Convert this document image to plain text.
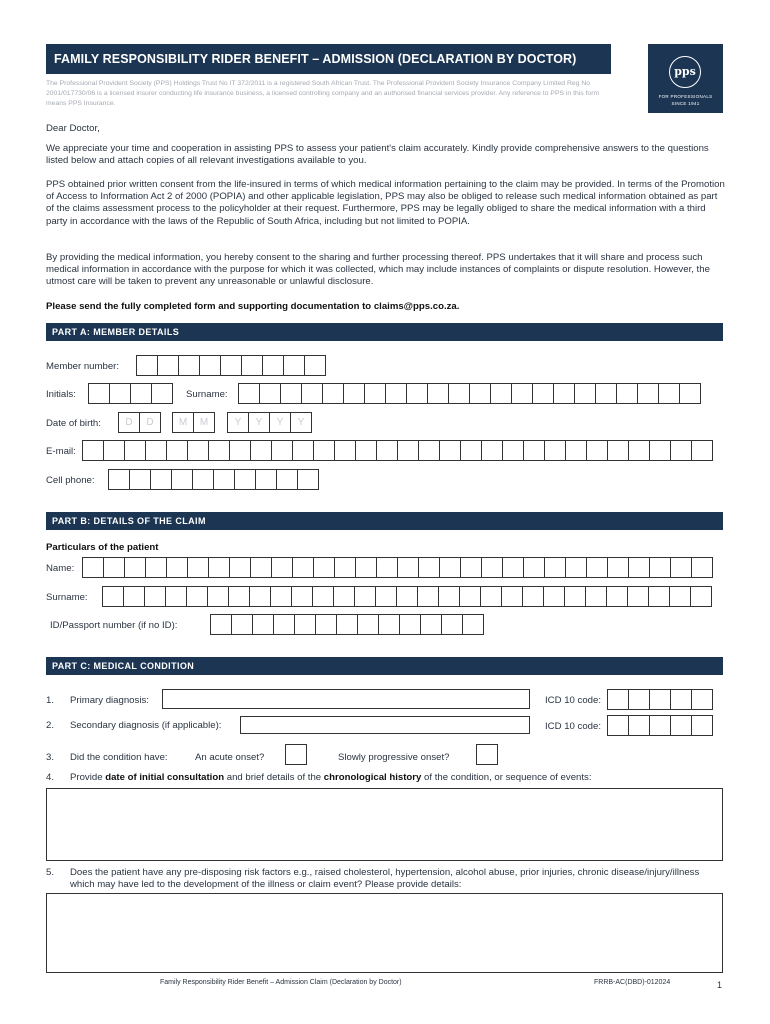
FAMILY RESPONSIBILITY RIDER BENEFIT – ADMISSION (DECLARATION BY DOCTOR)
pps
FOR PROFESSIONALS
SINCE 1941
The Professional Provident Society (PPS) Holdings Trust No IT 372/2011 is a registered South African Trust. The Professional Provident Society Insurance Company Limited Reg No 2001/017730/06 is a licensed insurer conducting life insurance business, a licensed controlling company and an authorised financial services provider. Any reference to PPS in this form means PPS Insurance.
Dear Doctor,
We appreciate your time and cooperation in assisting PPS to assess your patient's claim accurately. Kindly provide comprehensive answers to the questions listed below and attach copies of all relevant investigations available to you.
PPS obtained prior written consent from the life-insured in terms of which medical information pertaining to the claim may be provided. In terms of the Promotion of Access to Information Act 2 of 2000 (POPIA) and other applicable legislation, PPS may also be obliged to release such medical information obtained as part of the claims assessment process to the policyholder at their request. Furthermore, PPS may be legally obliged to share the medical information with a third party in accordance with the laws of the Republic of South Africa, including but not limited to POPIA.
By providing the medical information, you hereby consent to the sharing and further processing thereof. PPS undertakes that it will share and process such medical information in accordance with the purpose for which it was collected, which may include instances of complaints or dispute resolution. However, the utmost care will be taken to prevent any unreasonable or unlawful disclosure.
Please send the fully completed form and supporting documentation to claims@pps.co.za.
PART A: MEMBER DETAILS
Member number:
Initials:	Surname:
Date of birth:	D	D	M	M	Y	Y	Y	Y
E-mail:
Cell phone:
PART B: DETAILS OF THE CLAIM
Particulars of the patient
Name:
Surname:
ID/Passport number (if no ID):
PART C: MEDICAL CONDITION
1. Primary diagnosis:	ICD 10 code:
2. Secondary diagnosis (if applicable):	ICD 10 code:
3. Did the condition have:	An acute onset?	Slowly progressive onset?
4. Provide date of initial consultation and brief details of the chronological history of the condition, or sequence of events:
5. Does the patient have any pre-disposing risk factors e.g., raised cholesterol, hypertension, alcohol abuse, prior injuries, chronic disease/injury/illness which may have led to the development of the illness or claim event? Please provide details:
Family Responsibility Rider Benefit – Admission Claim (Declaration by Doctor)	FRRB-AC(DBD)-012024	1
